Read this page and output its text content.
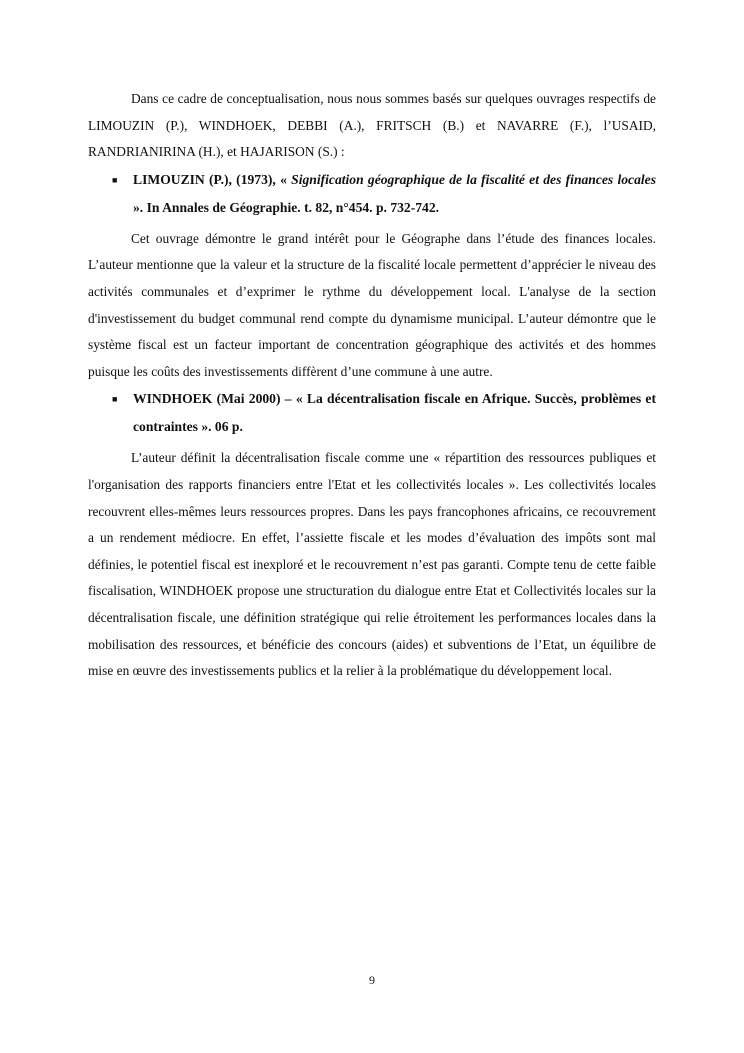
Dans ce cadre de conceptualisation, nous nous sommes basés sur quelques ouvrages respectifs de LIMOUZIN (P.), WINDHOEK, DEBBI (A.), FRITSCH (B.) et NAVARRE (F.), l’USAID, RANDRIANIRINA (H.), et HAJARISON (S.) :

■ LIMOUZIN (P.), (1973), « Signification géographique de la fiscalité et des finances locales ». In Annales de Géographie. t. 82, n°454. p. 732-742.

Cet ouvrage démontre le grand intérêt pour le Géographe dans l’étude des finances locales. L’auteur mentionne que la valeur et la structure de la fiscalité locale permettent d’apprécier le niveau des activités communales et d’exprimer le rythme du développement local. L'analyse de la section d'investissement du budget communal rend compte du dynamisme municipal. L’auteur démontre que le système fiscal est un facteur important de concentration géographique des activités et des hommes puisque les coûts des investissements diffèrent d’une commune à une autre.

■ WINDHOEK (Mai 2000) – « La décentralisation fiscale en Afrique. Succès, problèmes et contraintes ». 06 p.

L’auteur définit la décentralisation fiscale comme une « répartition des ressources publiques et l'organisation des rapports financiers entre l'Etat et les collectivités locales ». Les collectivités locales recouvrent elles-mêmes leurs ressources propres. Dans les pays francophones africains, ce recouvrement a un rendement médiocre. En effet, l’assiette fiscale et les modes d’évaluation des impôts sont mal définies, le potentiel fiscal est inexploré et le recouvrement n’est pas garanti. Compte tenu de cette faible fiscalisation, WINDHOEK propose une structuration du dialogue entre Etat et Collectivités locales sur la décentralisation fiscale, une définition stratégique qui relie étroitement les performances locales dans la mobilisation des ressources, et bénéficie des concours (aides) et subventions de l’Etat, un équilibre de mise en œuvre des investissements publics et la relier à la problématique du développement local.

9
